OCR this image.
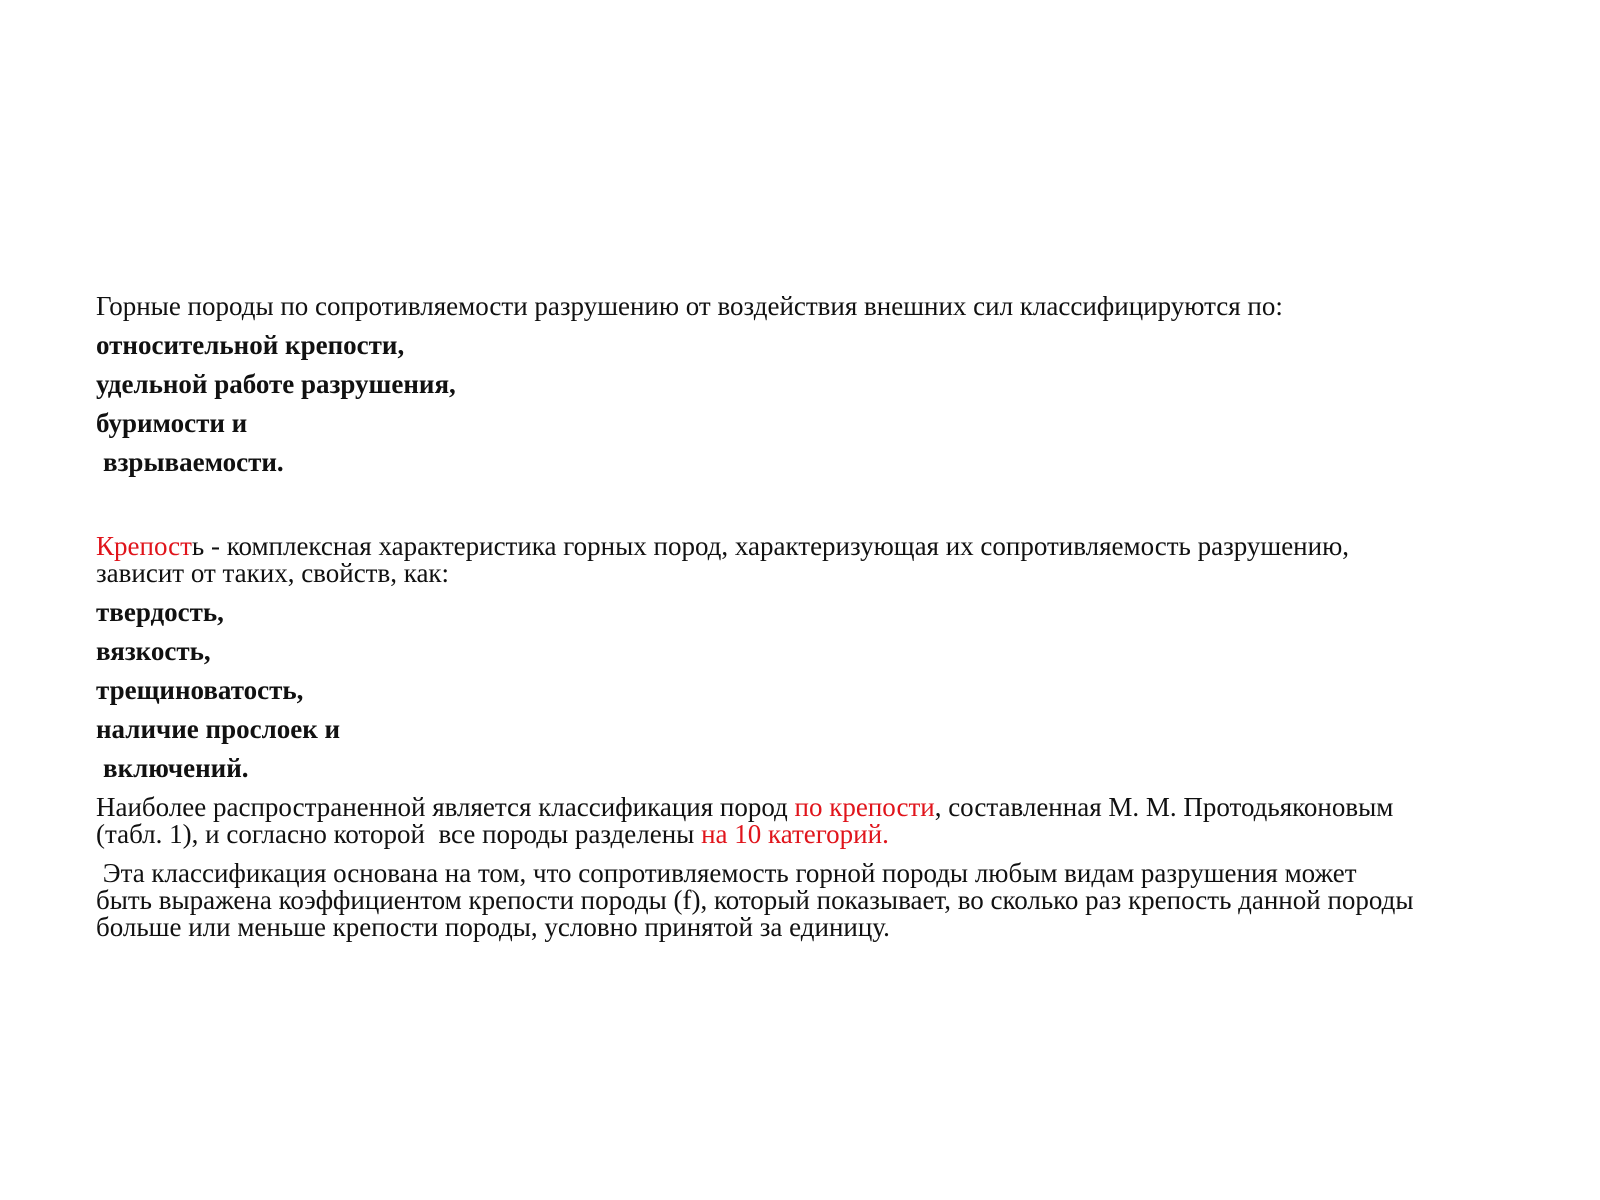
Горные породы по сопротивляемости разрушению от воздействия внешних сил классифицируются по:

относительной крепости,

удельной работе разрушения,

буримости и

взрываемости.

Крепость - комплексная характеристика горных пород, характеризующая их сопротивляемость разрушению,
зависит от таких, свойств, как:

твердость,

вязкость,

трещиноватость,

наличие прослоек и

включений.

Наиболее распространенной является классификация пород по крепости, составленная М. М. Протодьяконовым
(табл. 1), и согласно которой  все породы разделены на 10 категорий.

Эта классификация основана на том, что сопротивляемость горной породы любым видам разрушения может
быть выражена коэффициентом крепости породы (f), который показывает, во сколько раз крепость данной породы
больше или меньше крепости породы, условно принятой за единицу.
